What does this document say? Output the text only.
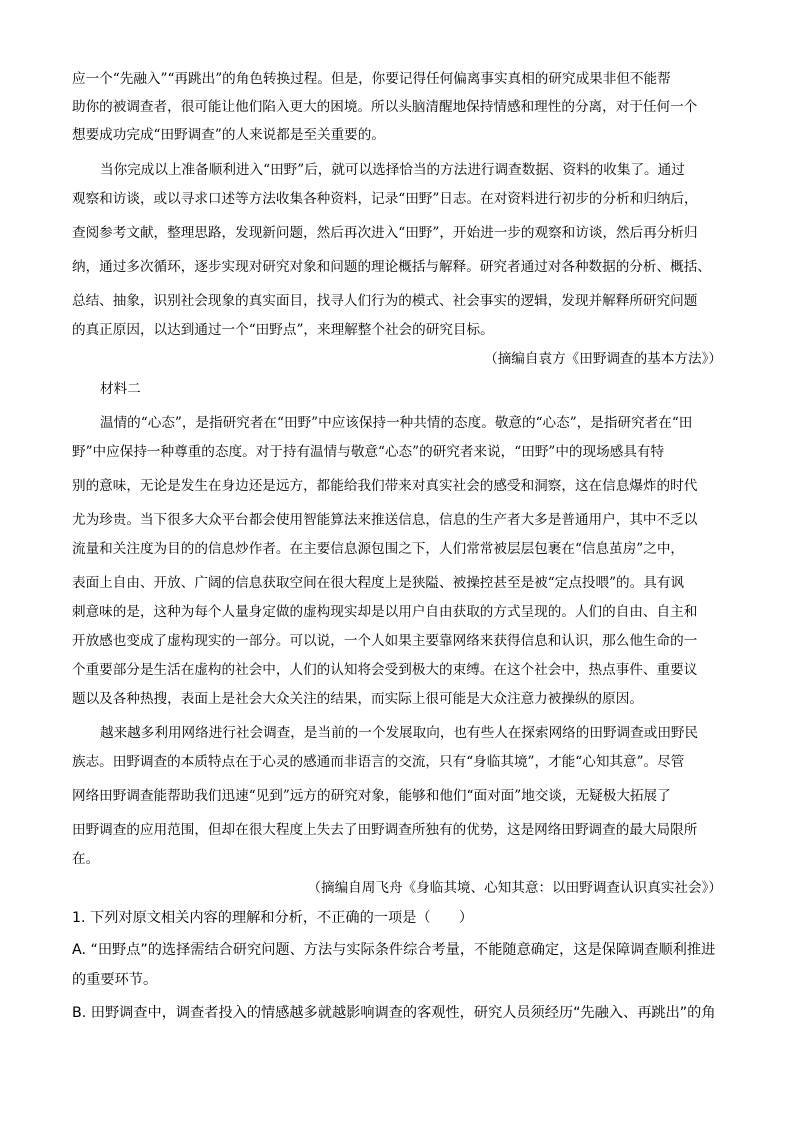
应一个“先融入”“再跳出”的角色转换过程。但是，你要记得任何偏离事实真相的研究成果非但不能帮
助你的被调查者，很可能让他们陷入更大的困境。所以头脑清醒地保持情感和理性的分离，对于任何一个
想要成功完成“田野调查”的人来说都是至关重要的。
当你完成以上准备顺利进入“田野”后，就可以选择恰当的方法进行调查数据、资料的收集了。通过
观察和访谈，或以寻求口述等方法收集各种资料，记录“田野”日志。在对资料进行初步的分析和归纳后，
查阅参考文献，整理思路，发现新问题，然后再次进入“田野”，开始进一步的观察和访谈，然后再分析归
纳，通过多次循环，逐步实现对研究对象和问题的理论概括与解释。研究者通过对各种数据的分析、概括、
总结、抽象，识别社会现象的真实面目，找寻人们行为的模式、社会事实的逻辑，发现并解释所研究问题
的真正原因，以达到通过一个“田野点”，来理解整个社会的研究目标。
（摘编自袁方《田野调查的基本方法》）
材料二
温情的“心态”，是指研究者在“田野”中应该保持一种共情的态度。敬意的“心态”，是指研究者在“田
野”中应保持一种尊重的态度。对于持有温情与敬意“心态”的研究者来说，“田野”中的现场感具有特
别的意味，无论是发生在身边还是远方，都能给我们带来对真实社会的感受和洞察，这在信息爆炸的时代
尤为珍贵。当下很多大众平台都会使用智能算法来推送信息，信息的生产者大多是普通用户，其中不乏以
流量和关注度为目的的信息炒作者。在主要信息源包围之下，人们常常被层层包裹在“信息茧房”之中，
表面上自由、开放、广阔的信息获取空间在很大程度上是狭隘、被操控甚至是被“定点投喂”的。具有讽
刺意味的是，这种为每个人量身定做的虚构现实却是以用户自由获取的方式呈现的。人们的自由、自主和
开放感也变成了虚构现实的一部分。可以说，一个人如果主要靠网络来获得信息和认识，那么他生命的一
个重要部分是生活在虚构的社会中，人们的认知将会受到极大的束缚。在这个社会中，热点事件、重要议
题以及各种热搜，表面上是社会大众关注的结果，而实际上很可能是大众注意力被操纵的原因。
越来越多利用网络进行社会调查，是当前的一个发展取向，也有些人在探索网络的田野调查或田野民
族志。田野调查的本质特点在于心灵的感通而非语言的交流，只有“身临其境”，才能“心知其意”。尽管
网络田野调查能帮助我们迅速“见到”远方的研究对象，能够和他们“面对面”地交谈，无疑极大拓展了
田野调查的应用范围，但却在很大程度上失去了田野调查所独有的优势，这是网络田野调查的最大局限所
在。
（摘编自周飞舟《身临其境、心知其意：以田野调查认识真实社会》）
1. 下列对原文相关内容的理解和分析，不正确的一项是（　　）
A. “田野点”的选择需结合研究问题、方法与实际条件综合考量，不能随意确定，这是保障调查顺利推进
的重要环节。
B. 田野调查中，调查者投入的情感越多就越影响调查的客观性，研究人员须经历“先融入、再跳出”的角
